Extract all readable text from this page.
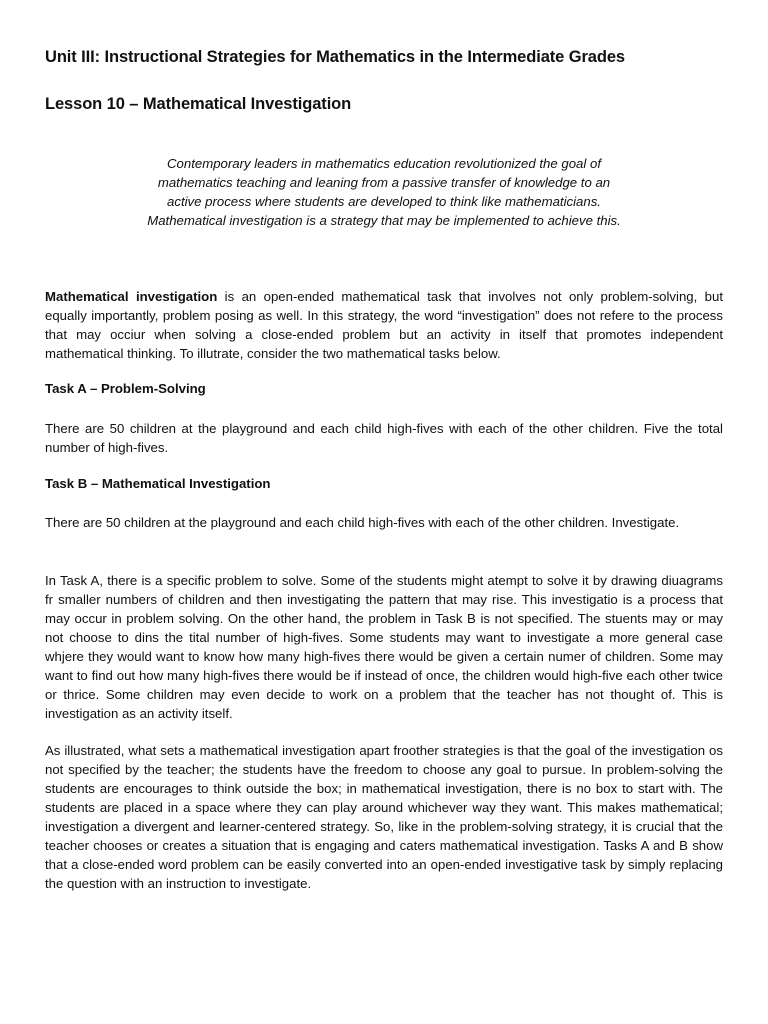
Unit III: Instructional Strategies for Mathematics in the Intermediate Grades
Lesson 10 – Mathematical Investigation

Contemporary leaders in mathematics education revolutionized the goal of mathematics teaching and leaning from a passive transfer of knowledge to an active process where students are developed to think like mathematicians. Mathematical investigation is a strategy that may be implemented to achieve this.

Mathematical investigation is an open-ended mathematical task that involves not only problem-solving, but equally importantly, problem posing as well. In this strategy, the word “investigation” does not refere to the process that may occiur when solving a close-ended problem but an activity in itself that promotes independent mathematical thinking. To illutrate, consider the two mathematical tasks below.

Task A – Problem-Solving

There are 50 children at the playground and each child high-fives with each of the other children. Five the total number of high-fives.

Task B – Mathematical Investigation

There are 50 children at the playground and each child high-fives with each of the other children. Investigate.

In Task A, there is a specific problem to solve. Some of the students might atempt to solve it by drawing diuagrams fr smaller numbers of children and then investigating the pattern that may rise. This investigatio is a process that may occur in problem solving. On the other hand, the problem in Task B is not specified. The stuents may or may not choose to dins the tital number of high-fives. Some students may want to investigate a more general case whjere they would want to know how many high-fives there would be given a certain numer of children. Some may want to find out how many high-fives there would be if instead of once, the children would high-five each other twice or thrice. Some children may even decide to work on a problem that the teacher has not thought of. This is investigation as an activity itself.

As illustrated, what sets a mathematical investigation apart froother strategies is that the goal of the investigation os not specified by the teacher; the students have the freedom to choose any goal to pursue. In problem-solving the students are encourages to think outside the box; in mathematical investigation, there is no box to start with. The students are placed in a space where they can play around whichever way they want. This makes mathematical; investigation a divergent and learner-centered strategy. So, like in the problem-solving strategy, it is crucial that the teacher chooses or creates a situation that is engaging and caters mathematical investigation. Tasks A and B show that a close-ended word problem can be easily converted into an open-ended investigative task by simply replacing the question with an instruction to investigate.
